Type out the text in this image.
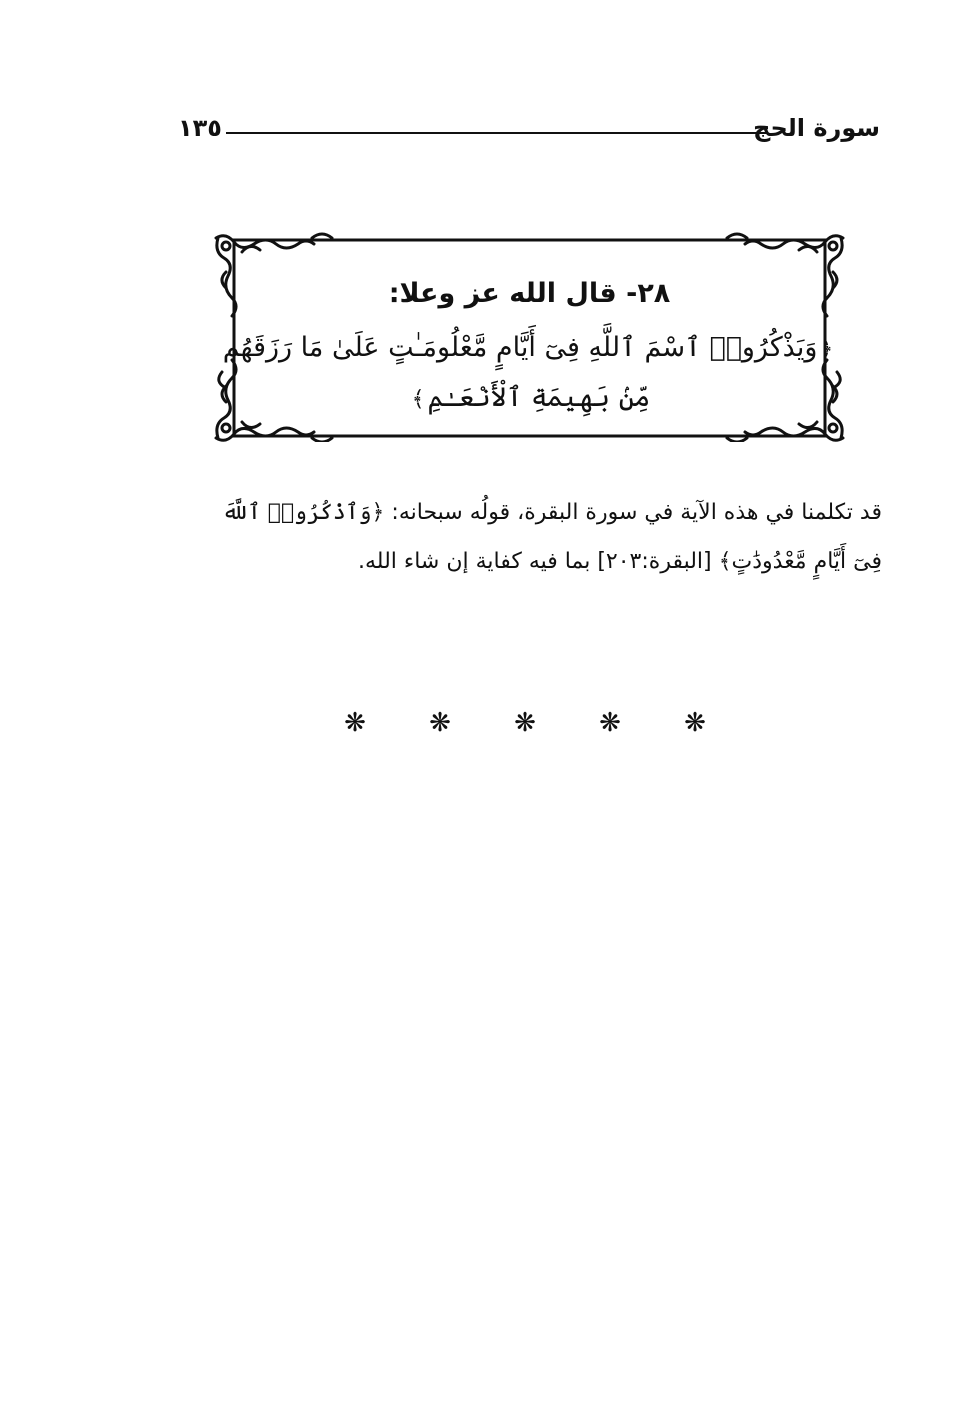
سورة الحج
١٣٥
٢٨- قال الله عز وعلا:
﴿وَيَذْكُرُوا۟ ٱسْمَ ٱللَّهِ فِىٓ أَيَّامٍ مَّعْلُومَـٰتٍ عَلَىٰ مَا رَزَقَهُم
مِّنۢ بَهِيمَةِ ٱلْأَنْعَـٰمِ﴾
قد تكلمنا في هذه الآية في سورة البقرة، قولُه سبحانه: ﴿وَٱذْكُرُوا۟ ٱللَّهَ
فِىٓ أَيَّامٍ مَّعْدُودَٰتٍ﴾ [البقرة:٢٠٣] بما فيه كفاية إن شاء الله.
❋ ❋ ❋ ❋ ❋
